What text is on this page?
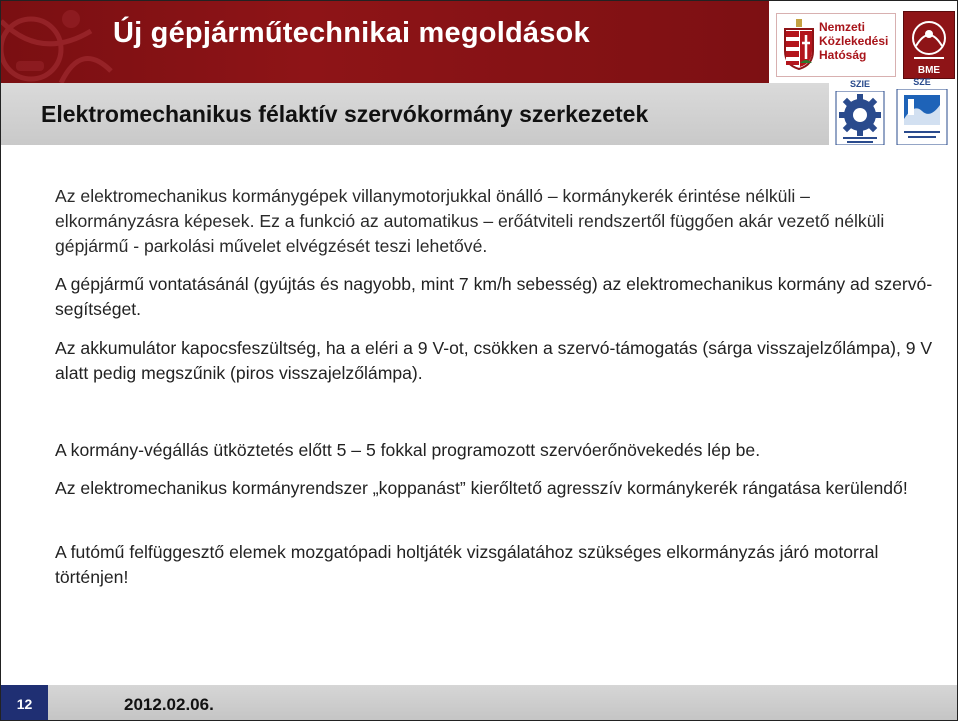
Új gépjárműtechnikai megoldások	Nemzeti
Közlekedési
Hatóság
BME
Elektromechanikus félaktív szervókormány szerkezetek
SZIE	SZE

Az elektromechanikus kormánygépek villanymotorjukkal önálló – kormánykerék érintése nélküli – elkormányzásra képesek. Ez a funkció az automatikus – erőátviteli rendszertől függően akár vezető nélküli gépjármű - parkolási művelet elvégzését teszi lehetővé.

A gépjármű vontatásánál (gyújtás és nagyobb, mint 7 km/h sebesség) az elektromechanikus kormány ad szervó-segítséget.

Az akkumulátor kapocsfeszültség, ha a eléri a 9 V-ot, csökken a szervó-támogatás (sárga visszajelzőlámpa), 9 V alatt pedig megszűnik (piros visszajelzőlámpa).

A kormány-végállás ütköztetés előtt 5 – 5 fokkal programozott szervóerőnövekedés lép be.

Az elektromechanikus kormányrendszer „koppanást” kierőltető agresszív kormánykerék rángatása kerülendő!

A futómű felfüggesztő elemek mozgatópadi holtjáték vizsgálatához szükséges elkormányzás járó motorral történjen!

12	2012.02.06.
